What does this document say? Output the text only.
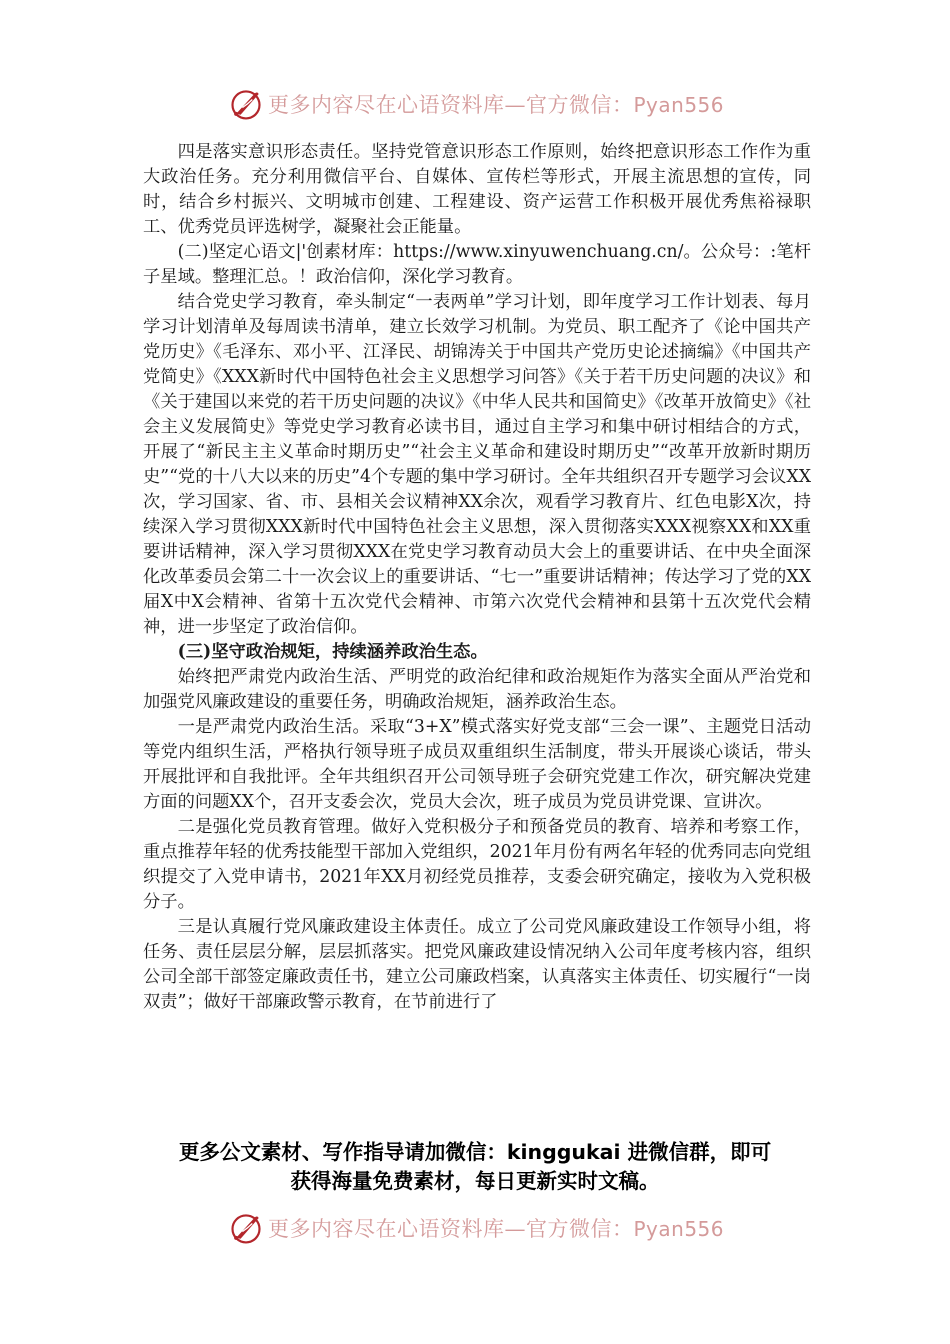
更多内容尽在心语资料库—官方微信：Pyan556

四是落实意识形态责任。坚持党管意识形态工作原则，始终把意识形态工作作为重大政治任务。充分利用微信平台、自媒体、宣传栏等形式，开展主流思想的宣传，同时，结合乡村振兴、文明城市创建、工程建设、资产运营工作积极开展优秀焦裕禄职工、优秀党员评选树学，凝聚社会正能量。

(二)坚定心语文|'创素材库：https://www.xinyuwenchuang.cn/。公众号：:笔杆子星域。整理汇总。！政治信仰，深化学习教育。

结合党史学习教育，牵头制定“一表两单”学习计划，即年度学习工作计划表、每月学习计划清单及每周读书清单，建立长效学习机制。为党员、职工配齐了《论中国共产党历史》《毛泽东、邓小平、江泽民、胡锦涛关于中国共产党历史论述摘编》《中国共产党简史》《XXX新时代中国特色社会主义思想学习问答》《关于若干历史问题的决议》和《关于建国以来党的若干历史问题的决议》《中华人民共和国简史》《改革开放简史》《社会主义发展简史》等党史学习教育必读书目，通过自主学习和集中研讨相结合的方式，开展了“新民主主义革命时期历史”“社会主义革命和建设时期历史”“改革开放新时期历史”“党的十八大以来的历史”4个专题的集中学习研讨。全年共组织召开专题学习会议XX次，学习国家、省、市、县相关会议精神XX余次，观看学习教育片、红色电影X次，持续深入学习贯彻XXX新时代中国特色社会主义思想，深入贯彻落实XXX视察XX和XX重要讲话精神，深入学习贯彻XXX在党史学习教育动员大会上的重要讲话、在中央全面深化改革委员会第二十一次会议上的重要讲话、“七一”重要讲话精神；传达学习了党的XX届X中X会精神、省第十五次党代会精神、市第六次党代会精神和县第十五次党代会精神，进一步坚定了政治信仰。

(三)坚守政治规矩，持续涵养政治生态。

始终把严肃党内政治生活、严明党的政治纪律和政治规矩作为落实全面从严治党和加强党风廉政建设的重要任务，明确政治规矩，涵养政治生态。

一是严肃党内政治生活。采取“3+X”模式落实好党支部“三会一课”、主题党日活动等党内组织生活，严格执行领导班子成员双重组织生活制度，带头开展谈心谈话，带头开展批评和自我批评。全年共组织召开公司领导班子会研究党建工作次，研究解决党建方面的问题XX个，召开支委会次，党员大会次，班子成员为党员讲党课、宣讲次。

二是强化党员教育管理。做好入党积极分子和预备党员的教育、培养和考察工作，重点推荐年轻的优秀技能型干部加入党组织，2021年月份有两名年轻的优秀同志向党组织提交了入党申请书，2021年XX月初经党员推荐，支委会研究确定，接收为入党积极分子。

三是认真履行党风廉政建设主体责任。成立了公司党风廉政建设工作领导小组，将任务、责任层层分解，层层抓落实。把党风廉政建设情况纳入公司年度考核内容，组织公司全部干部签定廉政责任书，建立公司廉政档案，认真落实主体责任、切实履行“一岗双责”；做好干部廉政警示教育，在节前进行了

更多公文素材、写作指导请加微信：kinggukai 进微信群，即可
获得海量免费素材，每日更新实时文稿。
更多内容尽在心语资料库—官方微信：Pyan556
